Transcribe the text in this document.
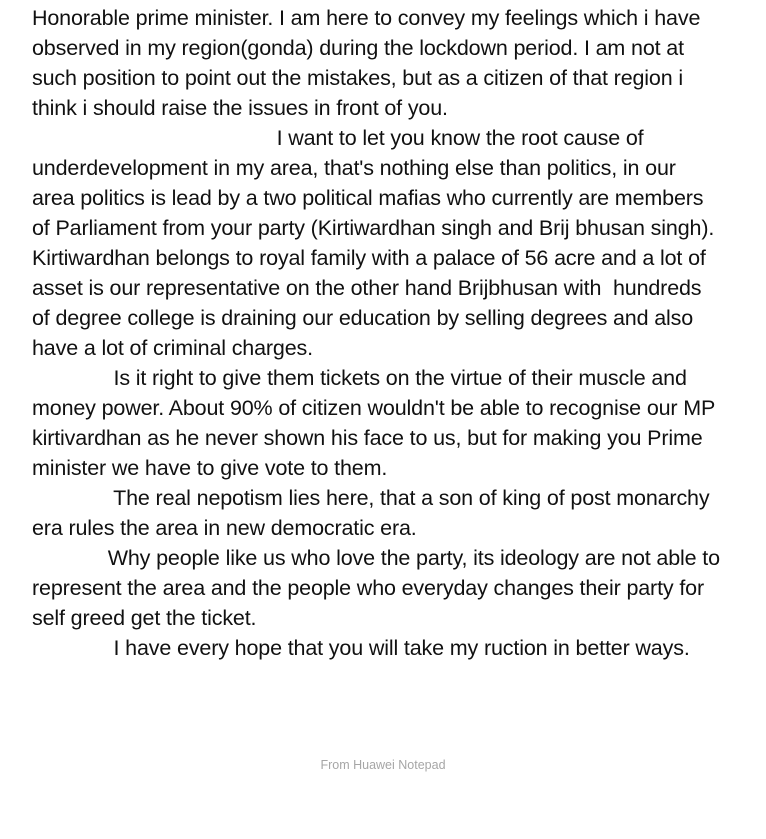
Honorable prime minister. I am here to convey my feelings which i have
observed in my region(gonda) during the lockdown period. I am not at
such position to point out the mistakes, but as a citizen of that region i
think i should raise the issues in front of you.
I want to let you know the root cause of
underdevelopment in my area, that's nothing else than politics, in our
area politics is lead by a two political mafias who currently are members
of Parliament from your party (Kirtiwardhan singh and Brij bhusan singh).
Kirtiwardhan belongs to royal family with a palace of 56 acre and a lot of
asset is our representative on the other hand Brijbhusan with  hundreds
of degree college is draining our education by selling degrees and also
have a lot of criminal charges.
Is it right to give them tickets on the virtue of their muscle and
money power. About 90% of citizen wouldn't be able to recognise our MP
kirtivardhan as he never shown his face to us, but for making you Prime
minister we have to give vote to them.
The real nepotism lies here, that a son of king of post monarchy
era rules the area in new democratic era.
Why people like us who love the party, its ideology are not able to
represent the area and the people who everyday changes their party for
self greed get the ticket.
I have every hope that you will take my ruction in better ways.
From Huawei Notepad
